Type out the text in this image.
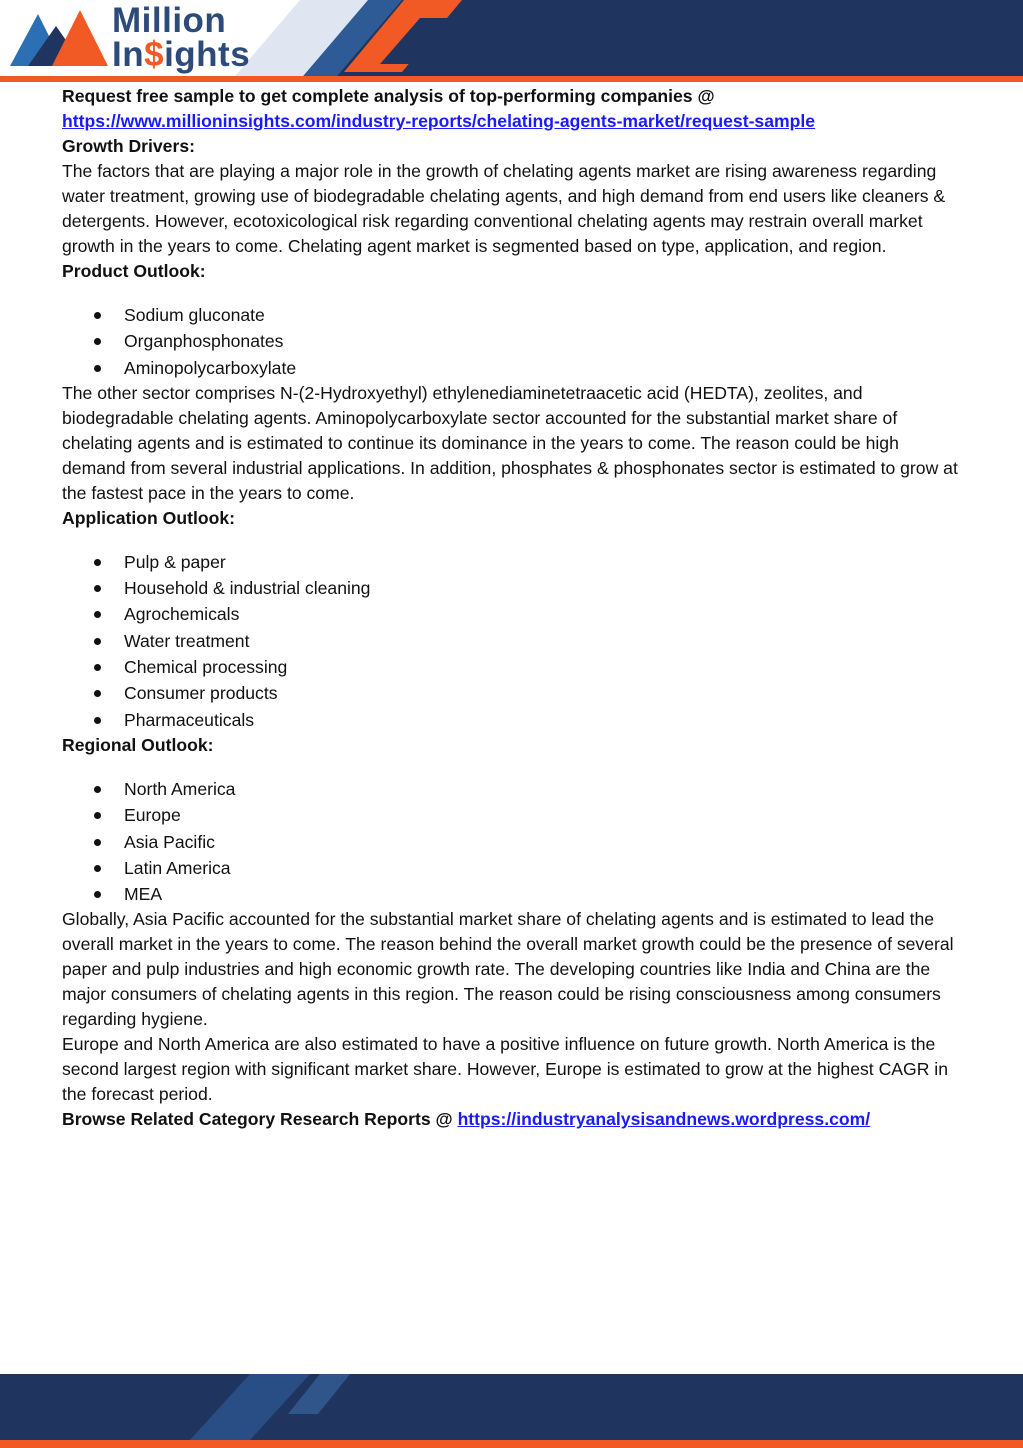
Million
In$ights

Request free sample to get complete analysis of top-performing companies @
https://www.millioninsights.com/industry-reports/chelating-agents-market/request-sample

Growth Drivers:

The factors that are playing a major role in the growth of chelating agents market are rising awareness regarding water treatment, growing use of biodegradable chelating agents, and high demand from end users like cleaners & detergents. However, ecotoxicological risk regarding conventional chelating agents may restrain overall market growth in the years to come. Chelating agent market is segmented based on type, application, and region.

Product Outlook:

Sodium gluconate
Organphosphonates
Aminopolycarboxylate

The other sector comprises N-(2-Hydroxyethyl) ethylenediaminetetraacetic acid (HEDTA), zeolites, and biodegradable chelating agents. Aminopolycarboxylate sector accounted for the substantial market share of chelating agents and is estimated to continue its dominance in the years to come. The reason could be high demand from several industrial applications. In addition, phosphates & phosphonates sector is estimated to grow at the fastest pace in the years to come.

Application Outlook:

Pulp & paper
Household & industrial cleaning
Agrochemicals
Water treatment
Chemical processing
Consumer products
Pharmaceuticals

Regional Outlook:

North America
Europe
Asia Pacific
Latin America
MEA

Globally, Asia Pacific accounted for the substantial market share of chelating agents and is estimated to lead the overall market in the years to come. The reason behind the overall market growth could be the presence of several paper and pulp industries and high economic growth rate. The developing countries like India and China are the major consumers of chelating agents in this region. The reason could be rising consciousness among consumers regarding hygiene.

Europe and North America are also estimated to have a positive influence on future growth. North America is the second largest region with significant market share. However, Europe is estimated to grow at the highest CAGR in the forecast period.

Browse Related Category Research Reports @ https://industryanalysisandnews.wordpress.com/
